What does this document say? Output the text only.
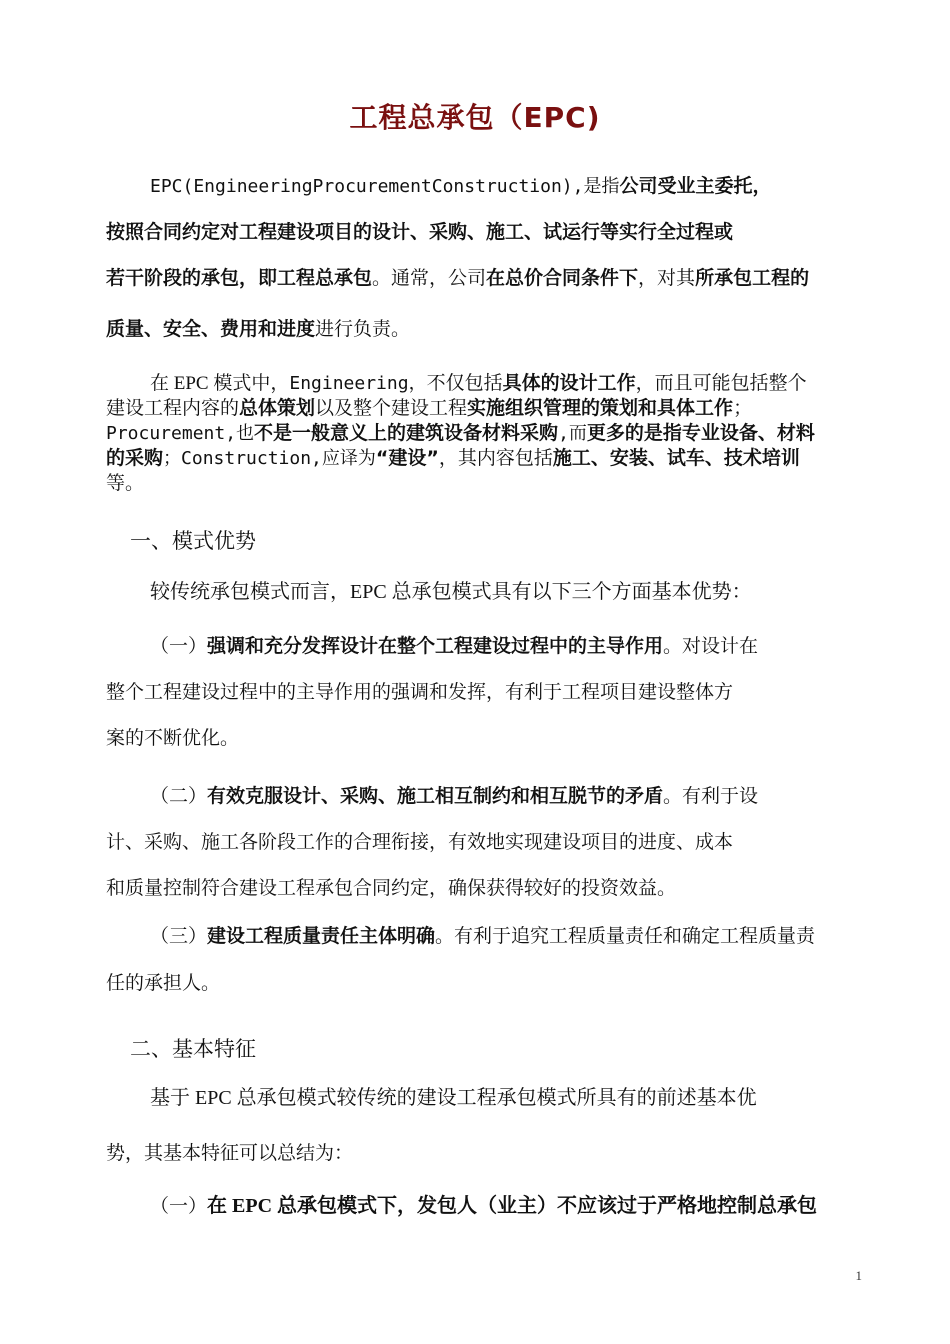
工程总承包（EPC)
EPC(EngineeringProcurementConstruction),是指公司受业主委托，
按照合同约定对工程建设项目的设计、采购、施工、试运行等实行全过程或
若干阶段的承包，即工程总承包。通常，公司在总价合同条件下，对其所承包工程的
质量、安全、费用和进度进行负责。
在 EPC 模式中，Engineering，不仅包括具体的设计工作，而且可能包括整个
建设工程内容的总体策划以及整个建设工程实施组织管理的策划和具体工作；
Procurement,也不是一般意义上的建筑设备材料采购,而更多的是指专业设备、材料
的采购；Construction,应译为“建设”，其内容包括施工、安装、试车、技术培训
等。
一、模式优势
较传统承包模式而言，EPC 总承包模式具有以下三个方面基本优势：
（一）强调和充分发挥设计在整个工程建设过程中的主导作用。对设计在
整个工程建设过程中的主导作用的强调和发挥，有利于工程项目建设整体方
案的不断优化。
（二）有效克服设计、采购、施工相互制约和相互脱节的矛盾。有利于设
计、采购、施工各阶段工作的合理衔接，有效地实现建设项目的进度、成本
和质量控制符合建设工程承包合同约定，确保获得较好的投资效益。
（三）建设工程质量责任主体明确。有利于追究工程质量责任和确定工程质量责
任的承担人。
二、基本特征
基于 EPC 总承包模式较传统的建设工程承包模式所具有的前述基本优
势，其基本特征可以总结为：
（一）在 EPC 总承包模式下，发包人（业主）不应该过于严格地控制总承包
1
